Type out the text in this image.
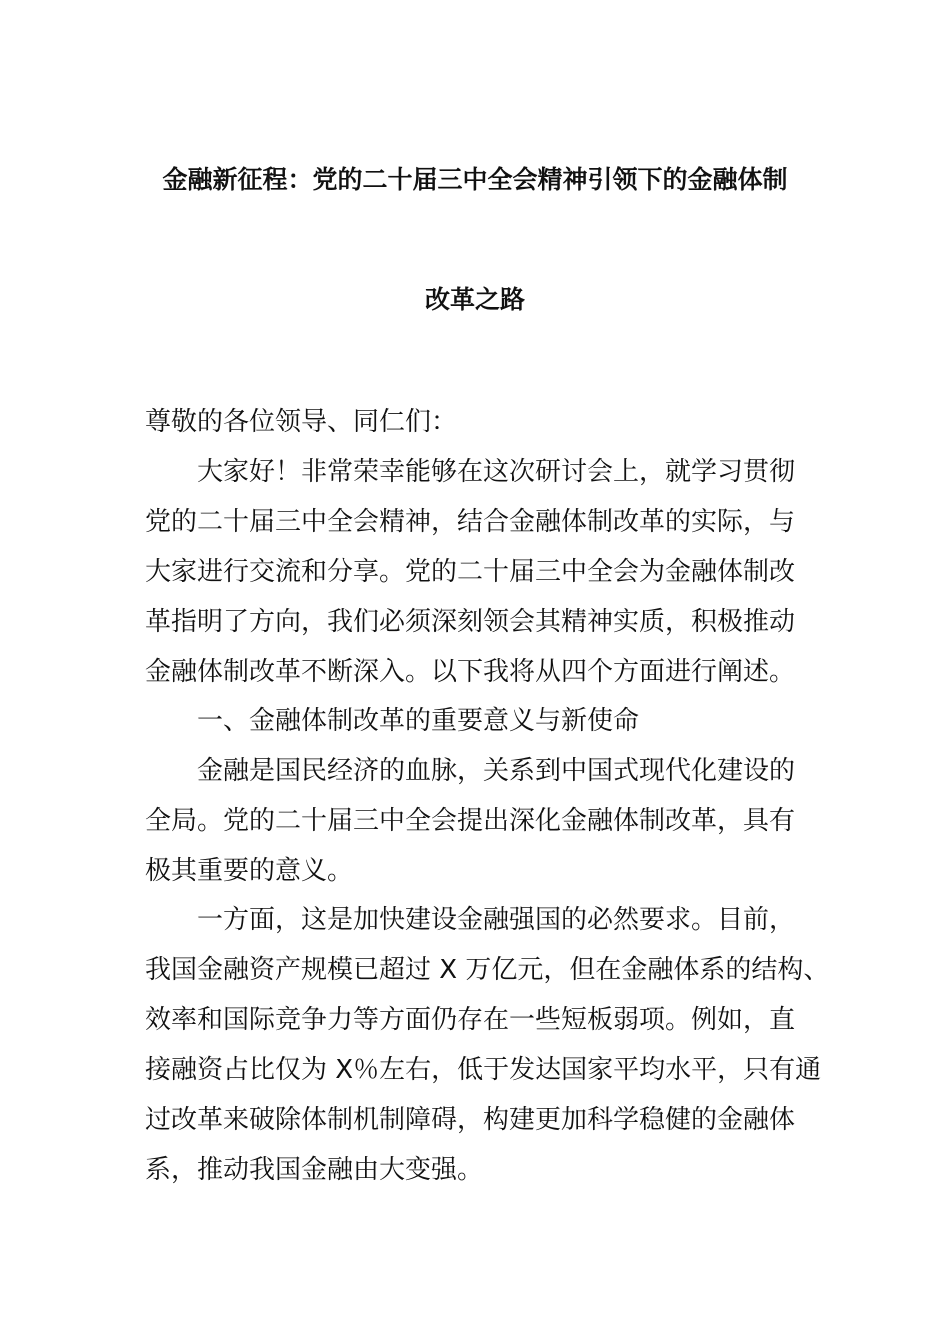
金融新征程：党的二十届三中全会精神引领下的金融体制
改革之路
尊敬的各位领导、同仁们：
大家好！非常荣幸能够在这次研讨会上，就学习贯彻
党的二十届三中全会精神，结合金融体制改革的实际，与
大家进行交流和分享。党的二十届三中全会为金融体制改
革指明了方向，我们必须深刻领会其精神实质，积极推动
金融体制改革不断深入。以下我将从四个方面进行阐述。
一、金融体制改革的重要意义与新使命
金融是国民经济的血脉，关系到中国式现代化建设的
全局。党的二十届三中全会提出深化金融体制改革，具有
极其重要的意义。
一方面，这是加快建设金融强国的必然要求。目前，
我国金融资产规模已超过 X 万亿元，但在金融体系的结构、
效率和国际竞争力等方面仍存在一些短板弱项。例如，直
接融资占比仅为 X％左右，低于发达国家平均水平，只有通
过改革来破除体制机制障碍，构建更加科学稳健的金融体
系，推动我国金融由大变强。
